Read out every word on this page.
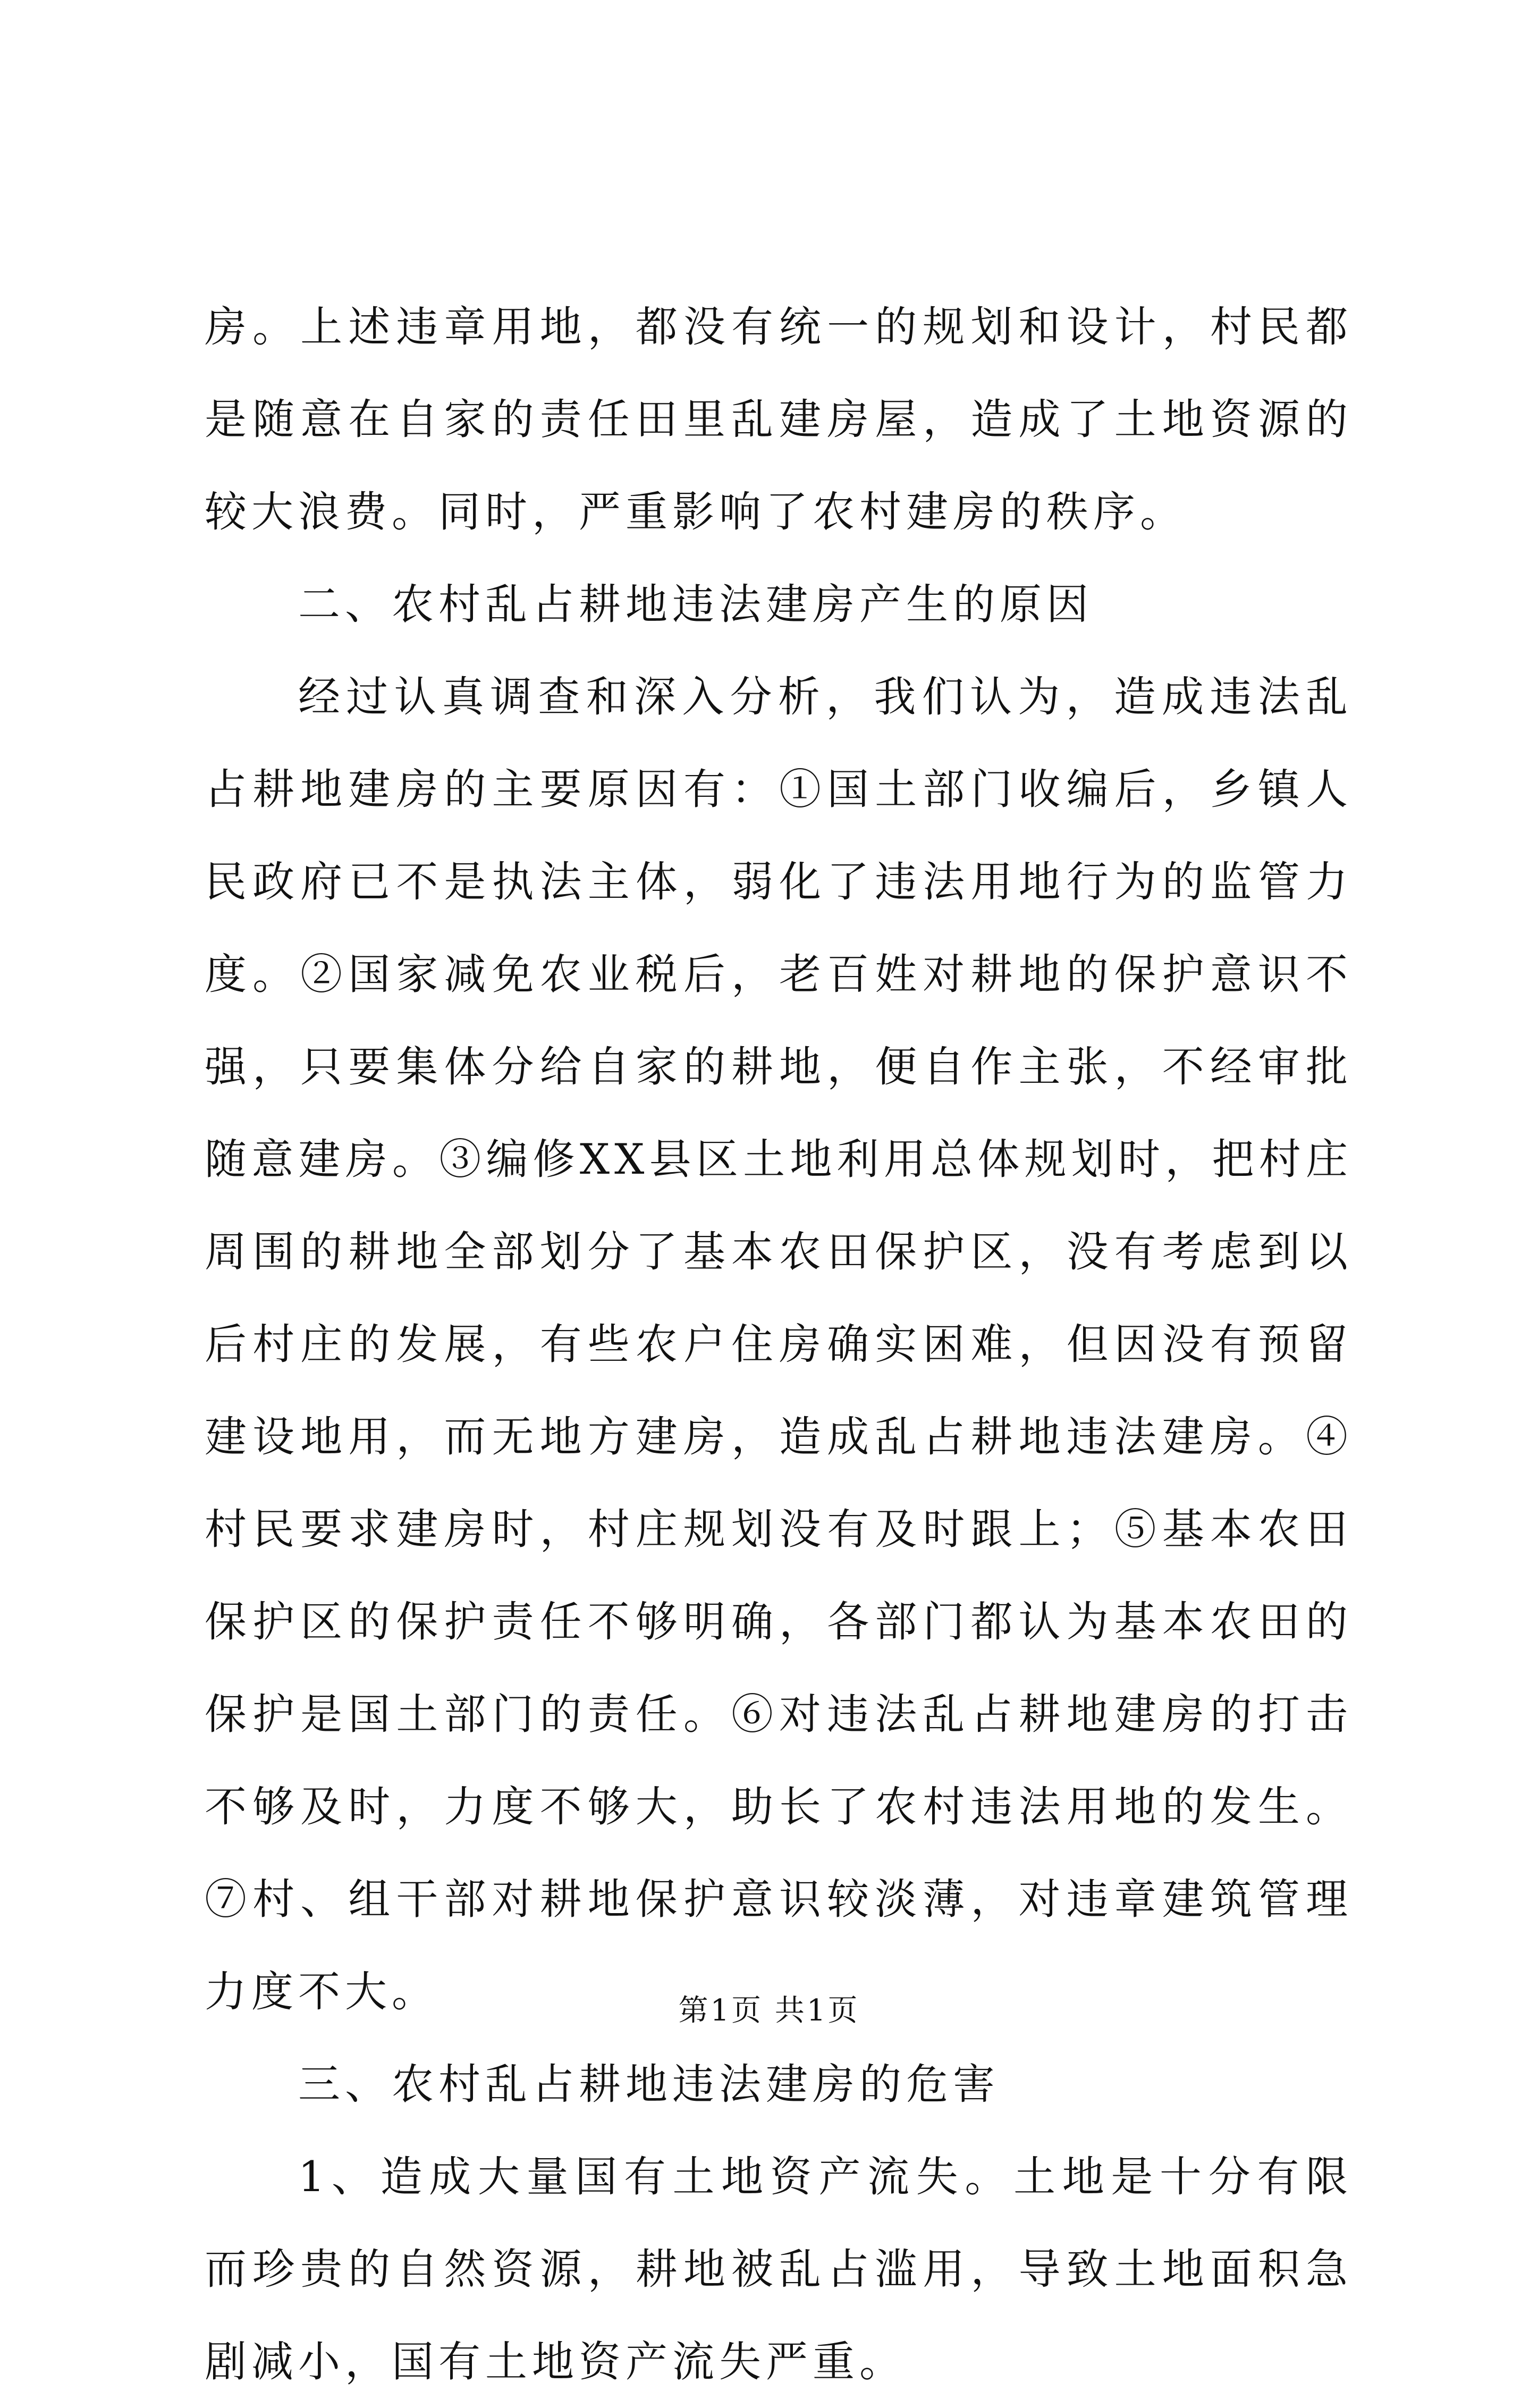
房。上述违章用地，都没有统一的规划和设计，村民都是随意在自家的责任田里乱建房屋，造成了土地资源的较大浪费。同时，严重影响了农村建房的秩序。

二、农村乱占耕地违法建房产生的原因

经过认真调查和深入分析，我们认为，造成违法乱占耕地建房的主要原因有：①国土部门收编后，乡镇人民政府已不是执法主体，弱化了违法用地行为的监管力度。②国家减免农业税后，老百姓对耕地的保护意识不强，只要集体分给自家的耕地，便自作主张，不经审批随意建房。③编修XX县区土地利用总体规划时，把村庄周围的耕地全部划分了基本农田保护区，没有考虑到以后村庄的发展，有些农户住房确实困难，但因没有预留建设地用，而无地方建房，造成乱占耕地违法建房。④村民要求建房时，村庄规划没有及时跟上；⑤基本农田保护区的保护责任不够明确，各部门都认为基本农田的保护是国土部门的责任。⑥对违法乱占耕地建房的打击不够及时，力度不够大，助长了农村违法用地的发生。⑦村、组干部对耕地保护意识较淡薄，对违章建筑管理力度不大。

三、农村乱占耕地违法建房的危害

1、造成大量国有土地资产流失。土地是十分有限而珍贵的自然资源，耕地被乱占滥用，导致土地面积急剧减小，国有土地资产流失严重。

第1页 共1页
